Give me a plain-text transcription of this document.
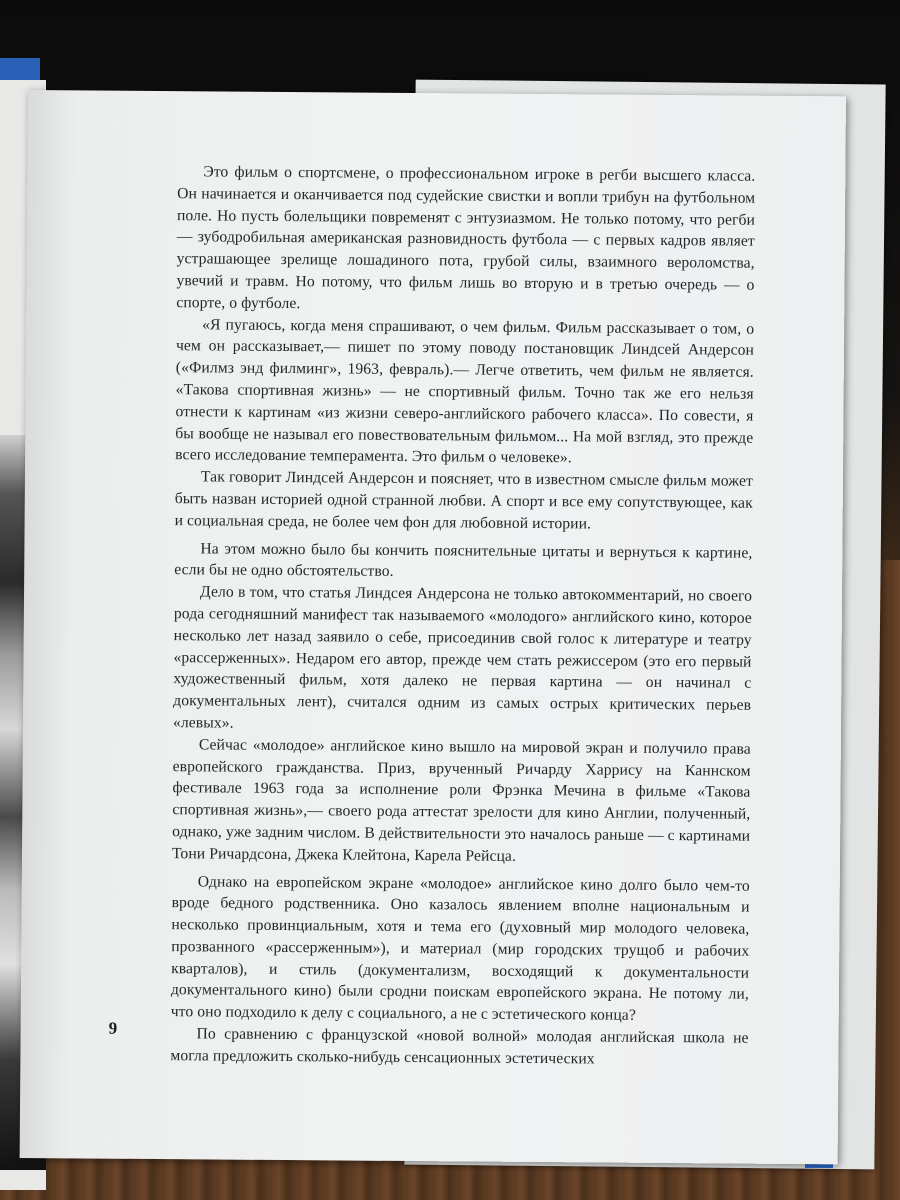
Это фильм о спортсмене, о профессиональном игроке в регби высшего класса. Он начинается и оканчивается под судейские свистки и вопли трибун на футбольном поле. Но пусть болельщики повременят с энтузиазмом. Не только потому, что регби — зубодробильная американская разновидность футбола — с первых кадров являет устрашающее зрелище лошадиного пота, грубой силы, взаимного вероломства, увечий и травм. Но потому, что фильм лишь во вторую и в третью очередь — о спорте, о футболе.

«Я пугаюсь, когда меня спрашивают, о чем фильм. Фильм рассказывает о том, о чем он рассказывает,— пишет по этому поводу постановщик Линдсей Андерсон («Филмз энд филминг», 1963, февраль).— Легче ответить, чем фильм не является. «Такова спортивная жизнь» — не спортивный фильм. Точно так же его нельзя отнести к картинам «из жизни северо-английского рабочего класса». По совести, я бы вообще не называл его повествовательным фильмом... На мой взгляд, это прежде всего исследование темперамента. Это фильм о человеке».

Так говорит Линдсей Андерсон и поясняет, что в известном смысле фильм может быть назван историей одной странной любви. А спорт и все ему сопутствующее, как и социальная среда, не более чем фон для любовной истории.

На этом можно было бы кончить пояснительные цитаты и вернуться к картине, если бы не одно обстоятельство.

Дело в том, что статья Линдсея Андерсона не только автокомментарий, но своего рода сегодняшний манифест так называемого «молодого» английского кино, которое несколько лет назад заявило о себе, присоединив свой голос к литературе и театру «рассерженных». Недаром его автор, прежде чем стать режиссером (это его первый художественный фильм, хотя далеко не первая картина — он начинал с документальных лент), считался одним из самых острых критических перьев «левых».

Сейчас «молодое» английское кино вышло на мировой экран и получило права европейского гражданства. Приз, врученный Ричарду Харрису на Каннском фестивале 1963 года за исполнение роли Фрэнка Мечина в фильме «Такова спортивная жизнь»,— своего рода аттестат зрелости для кино Англии, полученный, однако, уже задним числом. В действительности это началось раньше — с картинами Тони Ричардсона, Джека Клейтона, Карела Рейсца.

Однако на европейском экране «молодое» английское кино долго было чем-то вроде бедного родственника. Оно казалось явлением вполне национальным и несколько провинциальным, хотя и тема его (духовный мир молодого человека, прозванного «рассерженным»), и материал (мир городских трущоб и рабочих кварталов), и стиль (документализм, восходящий к документальности документального кино) были сродни поискам европейского экрана. Не потому ли, что оно подходило к делу с социального, а не с эстетического конца?

По сравнению с французской «новой волной» молодая английская школа не могла предложить сколько-нибудь сенсационных эстетических

9
